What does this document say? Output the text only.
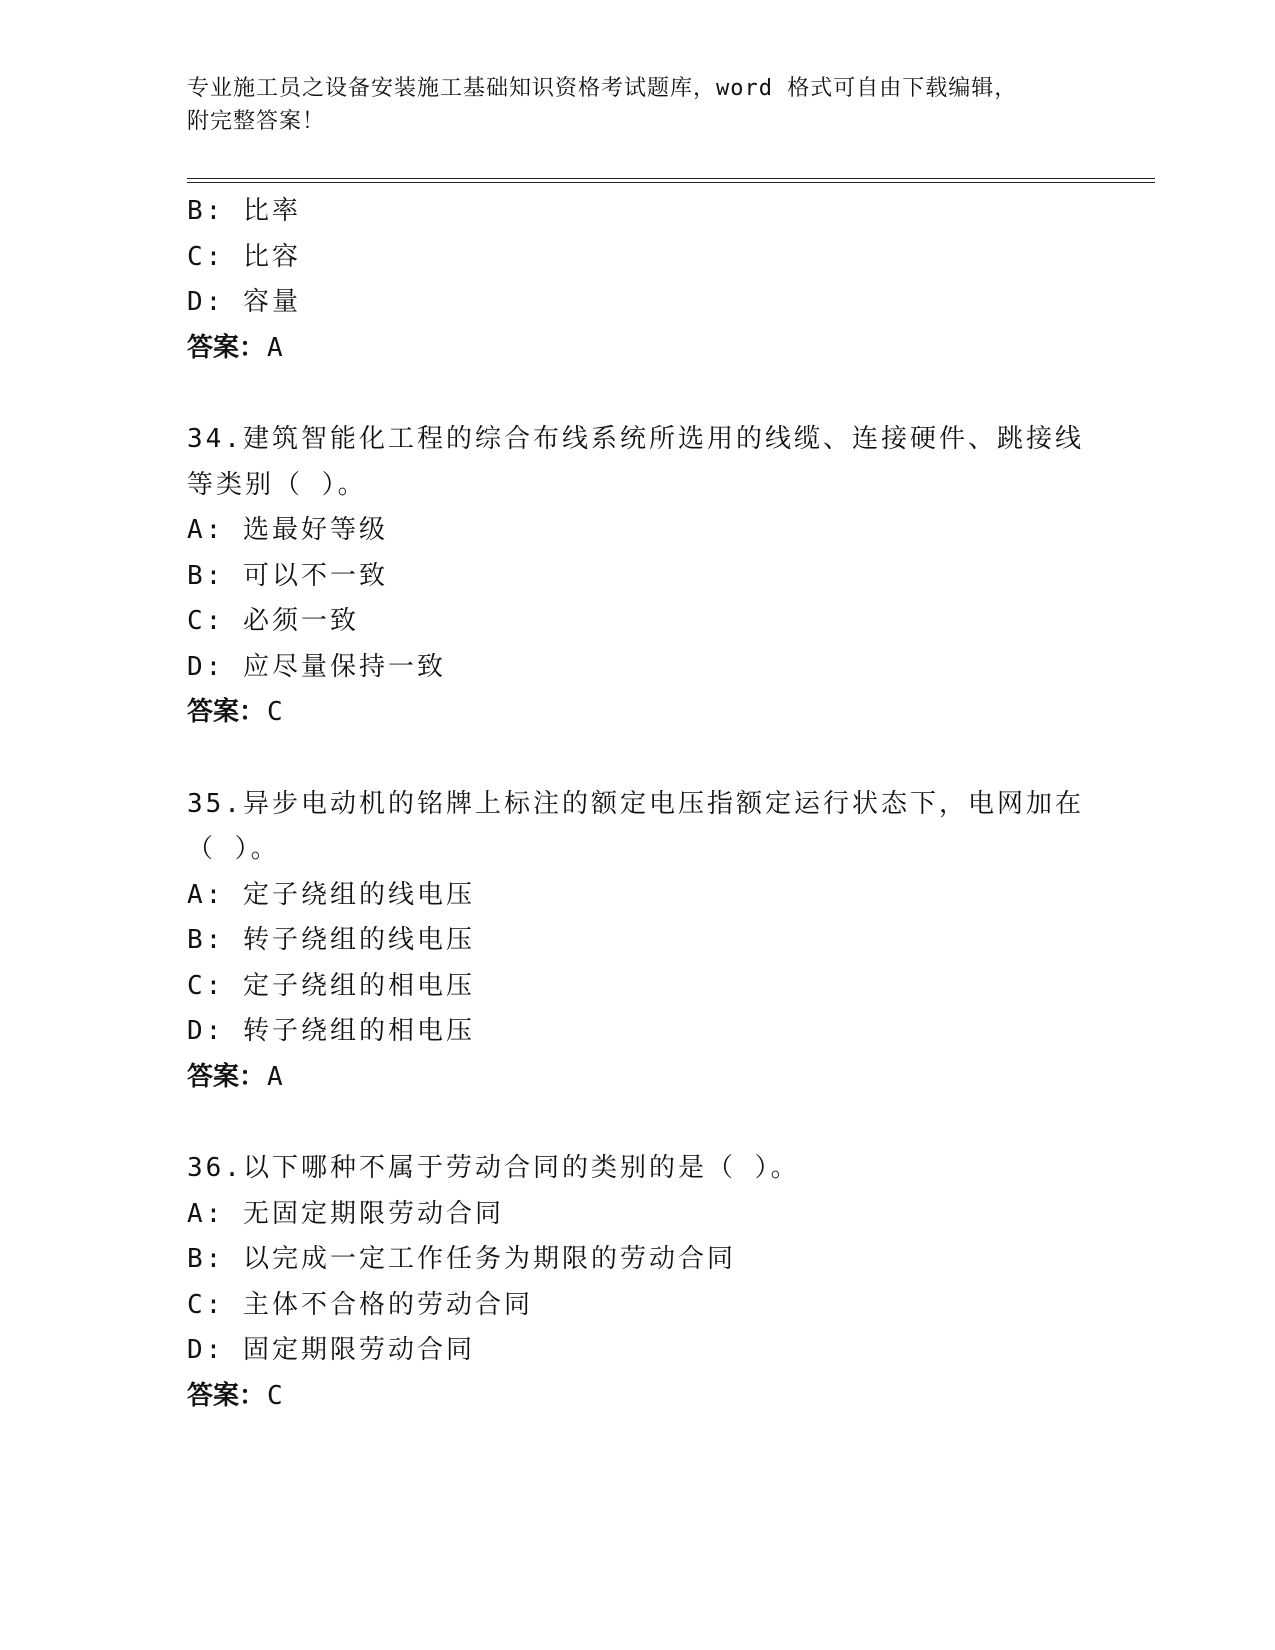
专业施工员之设备安装施工基础知识资格考试题库，word 格式可自由下载编辑，
附完整答案！
B: 比率
C: 比容
D: 容量
答案：A
34.建筑智能化工程的综合布线系统所选用的线缆、连接硬件、跳接线
等类别（ ）。
A: 选最好等级
B: 可以不一致
C: 必须一致
D: 应尽量保持一致
答案：C
35.异步电动机的铭牌上标注的额定电压指额定运行状态下，电网加在
（ ）。
A: 定子绕组的线电压
B: 转子绕组的线电压
C: 定子绕组的相电压
D: 转子绕组的相电压
答案：A
36.以下哪种不属于劳动合同的类别的是（ ）。
A: 无固定期限劳动合同
B: 以完成一定工作任务为期限的劳动合同
C: 主体不合格的劳动合同
D: 固定期限劳动合同
答案：C
